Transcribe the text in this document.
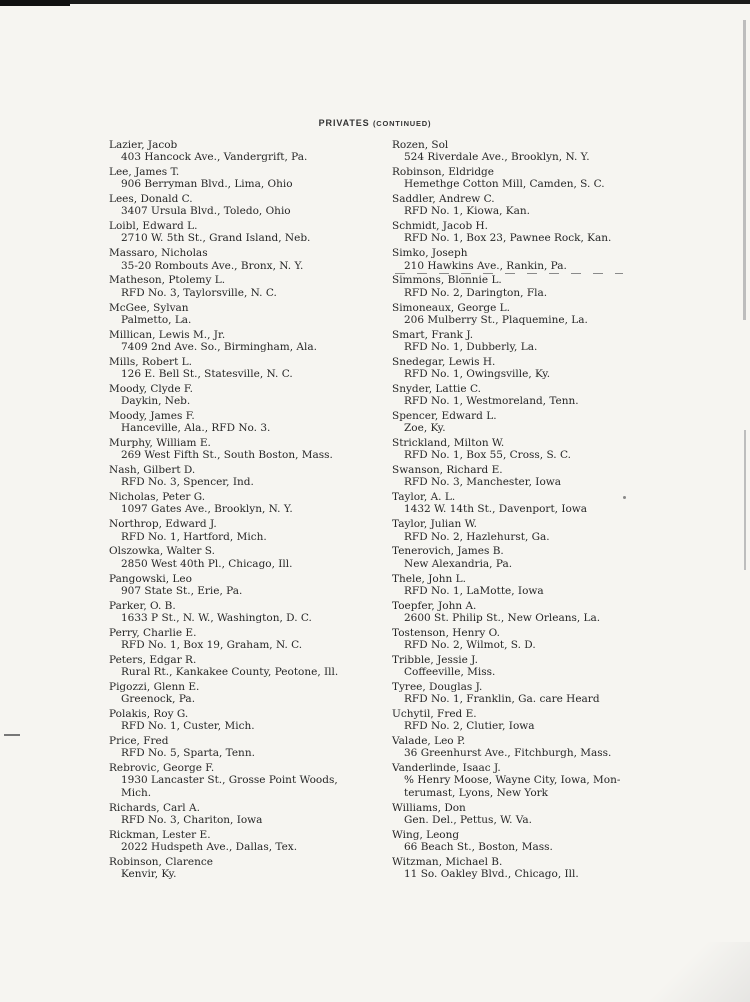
PRIVATES (CONTINUED)
Lazier, Jacob
403 Hancock Ave., Vandergrift, Pa.
Lee, James T.
906 Berryman Blvd., Lima, Ohio
Lees, Donald C.
3407 Ursula Blvd., Toledo, Ohio
Loibl, Edward L.
2710 W. 5th St., Grand Island, Neb.
Massaro, Nicholas
35-20 Rombouts Ave., Bronx, N. Y.
Matheson, Ptolemy L.
RFD No. 3, Taylorsville, N. C.
McGee, Sylvan
Palmetto, La.
Millican, Lewis M., Jr.
7409 2nd Ave. So., Birmingham, Ala.
Mills, Robert L.
126 E. Bell St., Statesville, N. C.
Moody, Clyde F.
Daykin, Neb.
Moody, James F.
Hanceville, Ala., RFD No. 3.
Murphy, William E.
269 West Fifth St., South Boston, Mass.
Nash, Gilbert D.
RFD No. 3, Spencer, Ind.
Nicholas, Peter G.
1097 Gates Ave., Brooklyn, N. Y.
Northrop, Edward J.
RFD No. 1, Hartford, Mich.
Olszowka, Walter S.
2850 West 40th Pl., Chicago, Ill.
Pangowski, Leo
907 State St., Erie, Pa.
Parker, O. B.
1633 P St., N. W., Washington, D. C.
Perry, Charlie E.
RFD No. 1, Box 19, Graham, N. C.
Peters, Edgar R.
Rural Rt., Kankakee County, Peotone, Ill.
Pigozzi, Glenn E.
Greenock, Pa.
Polakis, Roy G.
RFD No. 1, Custer, Mich.
Price, Fred
RFD No. 5, Sparta, Tenn.
Rebrovic, George F.
1930 Lancaster St., Grosse Point Woods,
Mich.
Richards, Carl A.
RFD No. 3, Chariton, Iowa
Rickman, Lester E.
2022 Hudspeth Ave., Dallas, Tex.
Robinson, Clarence
Kenvir, Ky.
Rozen, Sol
524 Riverdale Ave., Brooklyn, N. Y.
Robinson, Eldridge
Hemethge Cotton Mill, Camden, S. C.
Saddler, Andrew C.
RFD No. 1, Kiowa, Kan.
Schmidt, Jacob H.
RFD No. 1, Box 23, Pawnee Rock, Kan.
Simko, Joseph
210 Hawkins Ave., Rankin, Pa.
Simmons, Blonnie L.
RFD No. 2, Darington, Fla.
Simoneaux, George L.
206 Mulberry St., Plaquemine, La.
Smart, Frank J.
RFD No. 1, Dubberly, La.
Snedegar, Lewis H.
RFD No. 1, Owingsville, Ky.
Snyder, Lattie C.
RFD No. 1, Westmoreland, Tenn.
Spencer, Edward L.
Zoe, Ky.
Strickland, Milton W.
RFD No. 1, Box 55, Cross, S. C.
Swanson, Richard E.
RFD No. 3, Manchester, Iowa
Taylor, A. L.
1432 W. 14th St., Davenport, Iowa
Taylor, Julian W.
RFD No. 2, Hazlehurst, Ga.
Tenerovich, James B.
New Alexandria, Pa.
Thele, John L.
RFD No. 1, LaMotte, Iowa
Toepfer, John A.
2600 St. Philip St., New Orleans, La.
Tostenson, Henry O.
RFD No. 2, Wilmot, S. D.
Tribble, Jessie J.
Coffeeville, Miss.
Tyree, Douglas J.
RFD No. 1, Franklin, Ga. care Heard
Uchytil, Fred E.
RFD No. 2, Clutier, Iowa
Valade, Leo P.
36 Greenhurst Ave., Fitchburgh, Mass.
Vanderlinde, Isaac J.
% Henry Moose, Wayne City, Iowa, Mon-
terumast, Lyons, New York
Williams, Don
Gen. Del., Pettus, W. Va.
Wing, Leong
66 Beach St., Boston, Mass.
Witzman, Michael B.
11 So. Oakley Blvd., Chicago, Ill.
